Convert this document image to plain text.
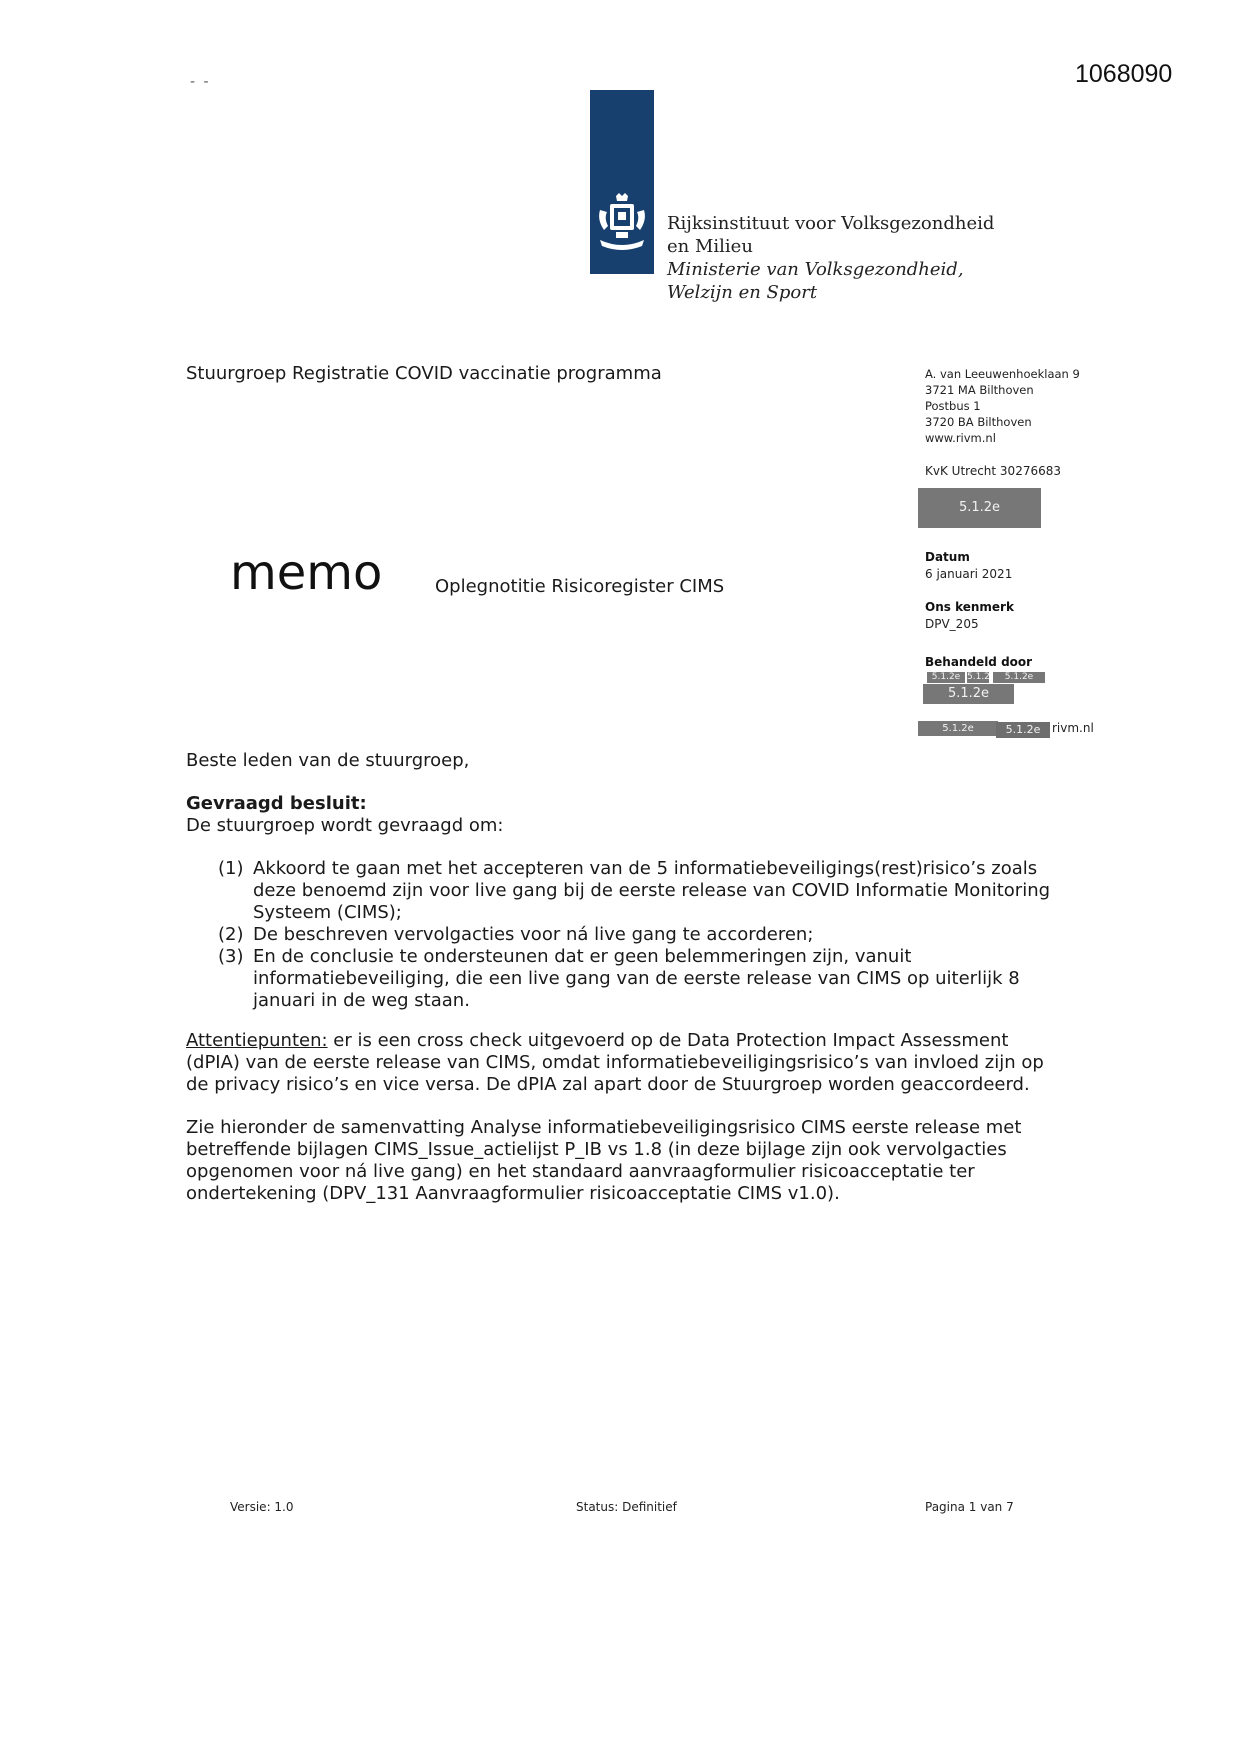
1068090
- -
Rijksinstituut voor Volksgezondheid
en Milieu
Ministerie van Volksgezondheid,
Welzijn en Sport
Stuurgroep Registratie COVID vaccinatie programma	A. van Leeuwenhoeklaan 9
3721 MA Bilthoven
Postbus 1
3720 BA Bilthoven
www.rivm.nl
KvK Utrecht 30276683
5.1.2e
memo	Oplegnotitie Risicoregister CIMS
Datum
6 januari 2021
Ons kenmerk
DPV_205
Behandeld door
5.1.2e 5.1.2	5.1.2e
5.1.2e
5.1.2e	5.1.2e rivm.nl
Beste leden van de stuurgroep,
Gevraagd besluit:
De stuurgroep wordt gevraagd om:
(1) Akkoord te gaan met het accepteren van de 5 informatiebeveiligings(rest)risico’s zoals deze benoemd zijn voor live gang bij de eerste release van COVID Informatie Monitoring Systeem (CIMS);
(2) De beschreven vervolgacties voor ná live gang te accorderen;
(3) En de conclusie te ondersteunen dat er geen belemmeringen zijn, vanuit informatiebeveiliging, die een live gang van de eerste release van CIMS op uiterlijk 8 januari in de weg staan.
Attentiepunten: er is een cross check uitgevoerd op de Data Protection Impact Assessment (dPIA) van de eerste release van CIMS, omdat informatiebeveiligingsrisico’s van invloed zijn op de privacy risico’s en vice versa. De dPIA zal apart door de Stuurgroep worden geaccordeerd.
Zie hieronder de samenvatting Analyse informatiebeveiligingsrisico CIMS eerste release met betreffende bijlagen CIMS_Issue_actielijst P_IB vs 1.8 (in deze bijlage zijn ook vervolgacties opgenomen voor ná live gang) en het standaard aanvraagformulier risicoacceptatie ter ondertekening (DPV_131 Aanvraagformulier risicoacceptatie CIMS v1.0).
Versie: 1.0	Status: Definitief	Pagina 1 van 7
